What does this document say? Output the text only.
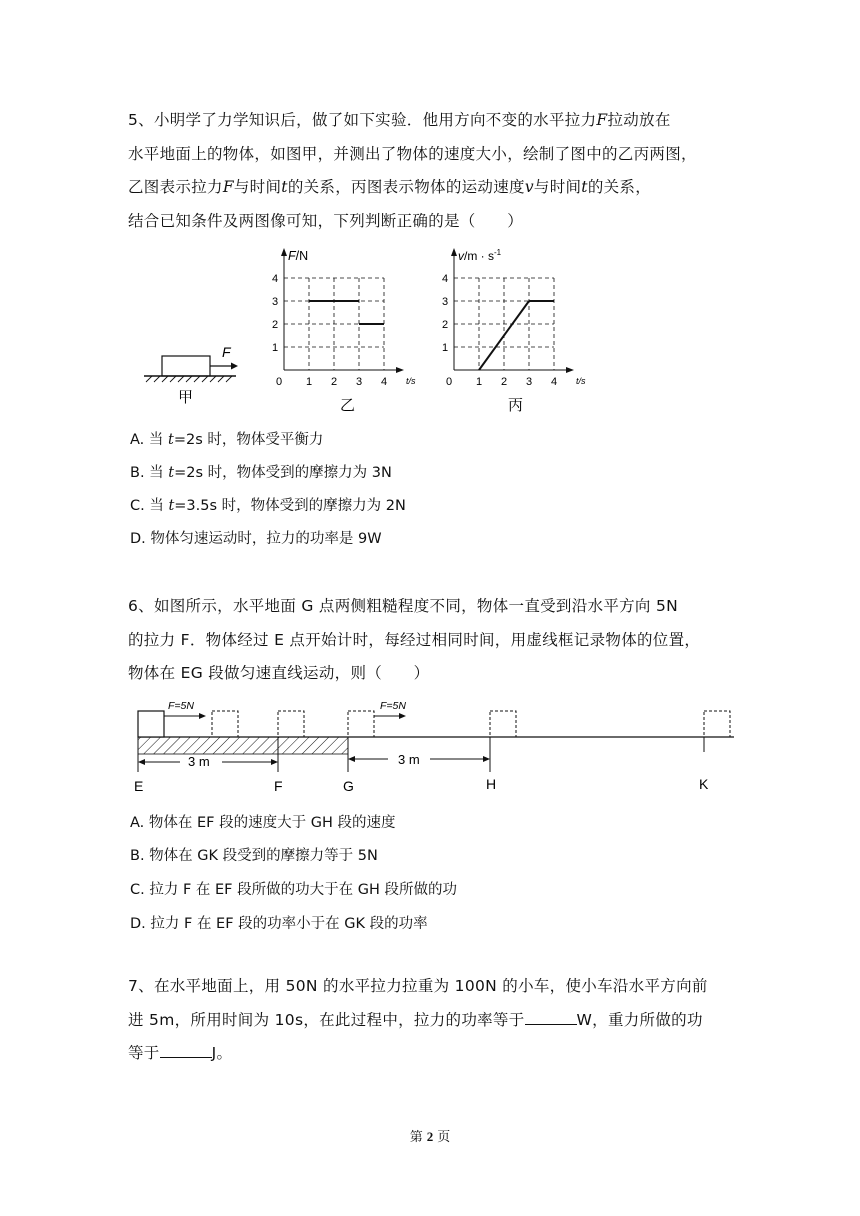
5、小明学了力学知识后，做了如下实验．他用方向不变的水平拉力F拉动放在
水平地面上的物体，如图甲，并测出了物体的速度大小，绘制了图中的乙丙两图，
乙图表示拉力F与时间t的关系，丙图表示物体的运动速度v与时间t的关系，
结合已知条件及两图像可知，下列判断正确的是（　　）
F
甲
F/N
t/s
乙
1
2
3
4
0 1 2 3 4
$v/m \cdot s^{-1}$
t/s
丙
1
2
3
4
0 1 2 3 4
A. 当 t=2s 时，物体受平衡力
B. 当 t=2s 时，物体受到的摩擦力为 3N
C. 当 t=3.5s 时，物体受到的摩擦力为 2N
D. 物体匀速运动时，拉力的功率是 9W
6、如图所示，水平地面 G 点两侧粗糙程度不同，物体一直受到沿水平方向 5N
的拉力 F．物体经过 E 点开始计时，每经过相同时间，用虚线框记录物体的位置，
物体在 EG 段做匀速直线运动，则（　　）
F=5N	F=5N
3 m	3 m
E	F	G	H	K
A. 物体在 EF 段的速度大于 GH 段的速度
B. 物体在 GK 段受到的摩擦力等于 5N
C. 拉力 F 在 EF 段所做的功大于在 GH 段所做的功
D. 拉力 F 在 EF 段的功率小于在 GK 段的功率
7、在水平地面上，用 50N 的水平拉力拉重为 100N 的小车，使小车沿水平方向前
进 5m，所用时间为 10s，在此过程中，拉力的功率等于	W，重力所做的功
等于	J。
第 2 页
